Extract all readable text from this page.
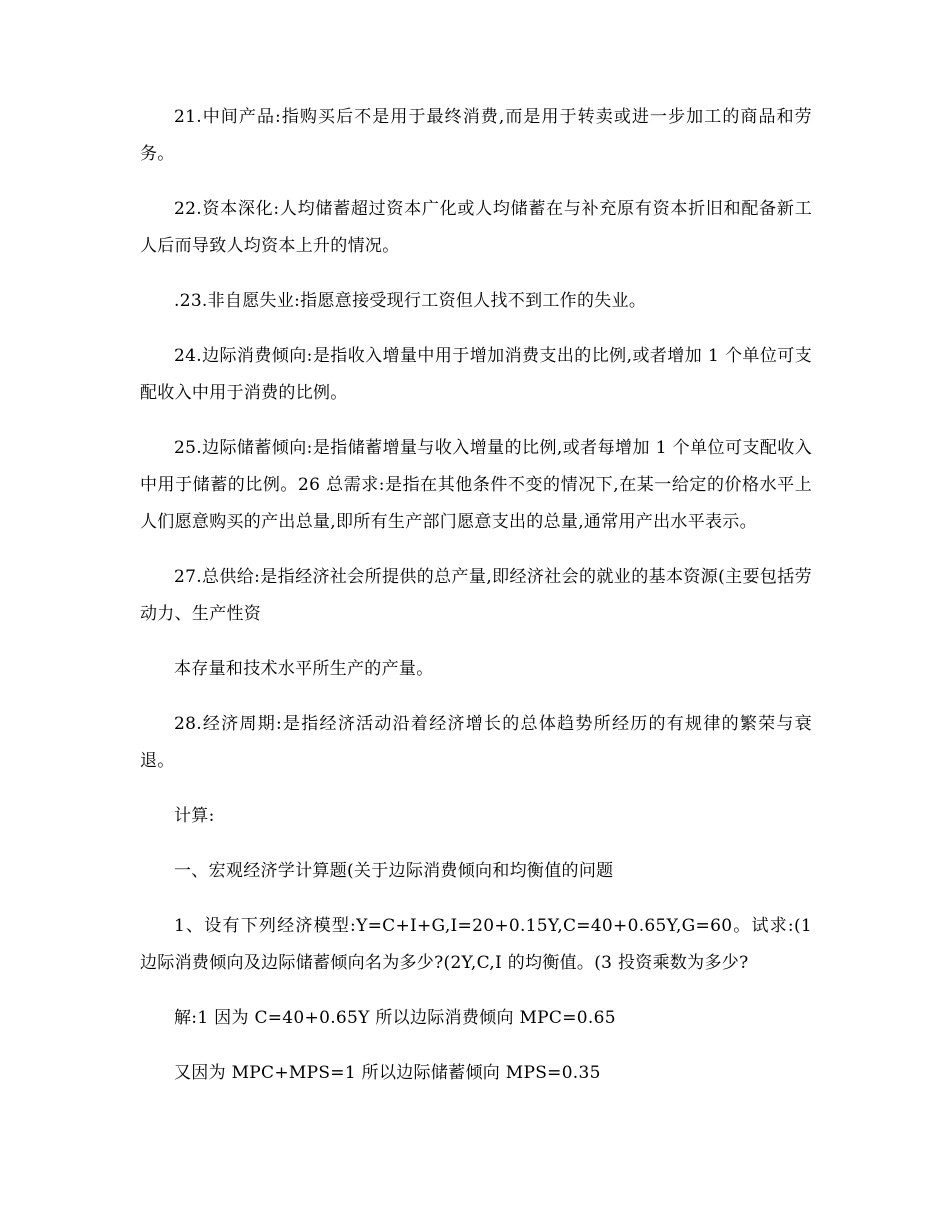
21.中间产品:指购买后不是用于最终消费,而是用于转卖或进一步加工的商品和劳务。

22.资本深化:人均储蓄超过资本广化或人均储蓄在与补充原有资本折旧和配备新工人后而导致人均资本上升的情况。

.23.非自愿失业:指愿意接受现行工资但人找不到工作的失业。

24.边际消费倾向:是指收入增量中用于增加消费支出的比例,或者增加 1 个单位可支配收入中用于消费的比例。

25.边际储蓄倾向:是指储蓄增量与收入增量的比例,或者每增加 1 个单位可支配收入中用于储蓄的比例。26 总需求:是指在其他条件不变的情况下,在某一给定的价格水平上人们愿意购买的产出总量,即所有生产部门愿意支出的总量,通常用产出水平表示。

27.总供给:是指经济社会所提供的总产量,即经济社会的就业的基本资源(主要包括劳动力、生产性资

本存量和技术水平所生产的产量。

28.经济周期:是指经济活动沿着经济增长的总体趋势所经历的有规律的繁荣与衰退。

计算:

一、宏观经济学计算题(关于边际消费倾向和均衡值的问题

1、设有下列经济模型:Y=C+I+G,I=20+0.15Y,C=40+0.65Y,G=60。试求:(1 边际消费倾向及边际储蓄倾向名为多少?(2Y,C,I 的均衡值。(3 投资乘数为多少?

解:1 因为 C=40+0.65Y 所以边际消费倾向 MPC=0.65

又因为 MPC+MPS=1 所以边际储蓄倾向 MPS=0.35
